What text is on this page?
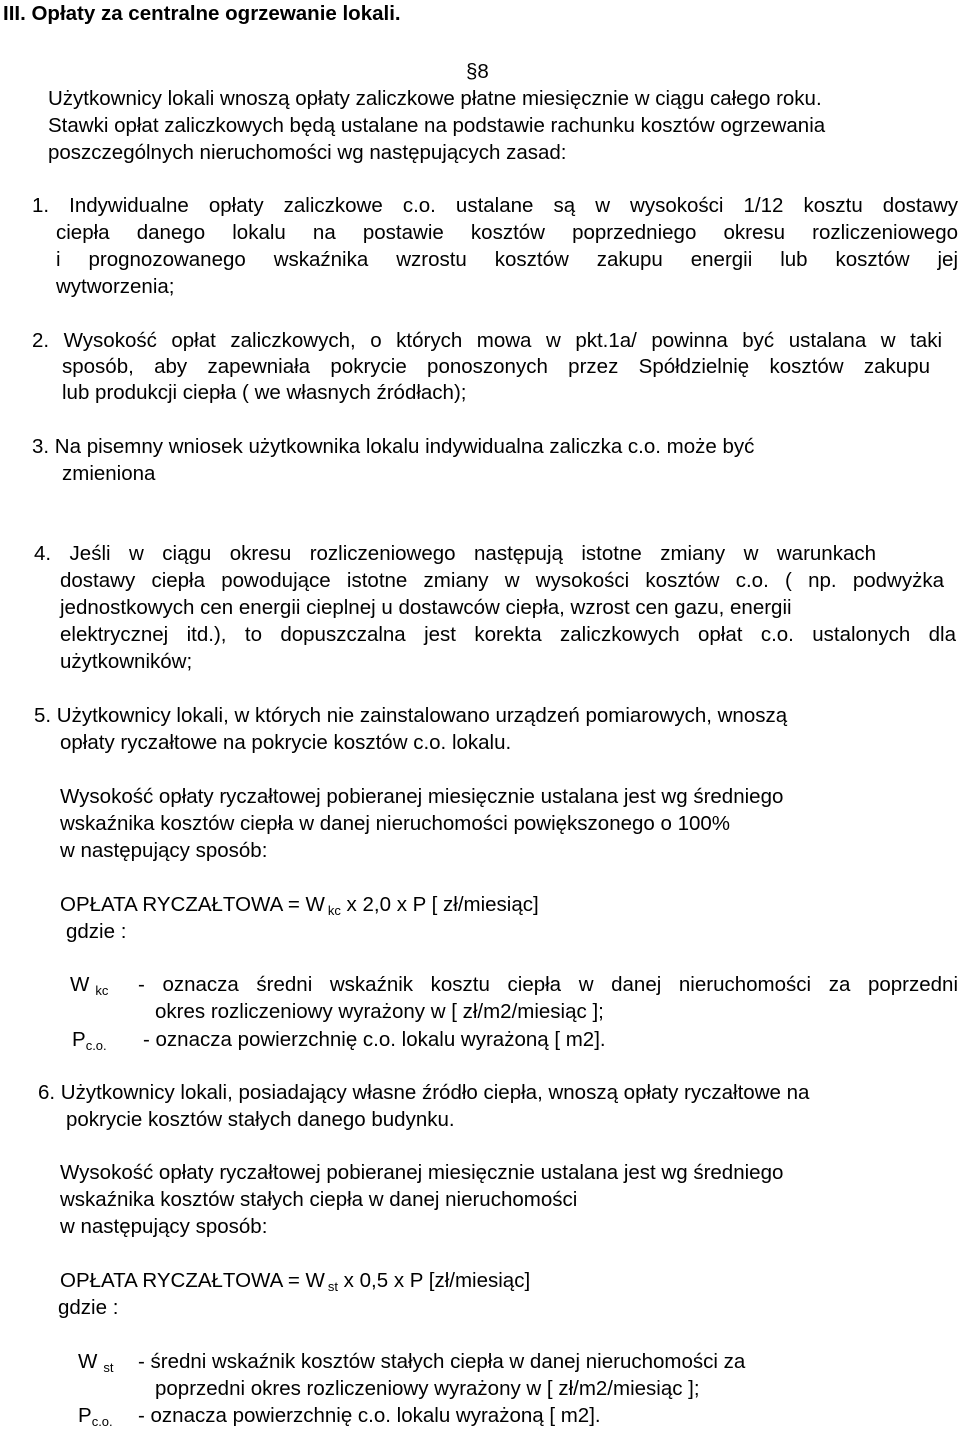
III. Opłaty za centralne ogrzewanie lokali.
§8
Użytkownicy lokali wnoszą opłaty zaliczkowe płatne miesięcznie w ciągu całego roku.
Stawki opłat zaliczkowych będą ustalane na podstawie rachunku kosztów ogrzewania
poszczególnych nieruchomości wg następujących zasad:
1. Indywidualne opłaty zaliczkowe c.o. ustalane są w wysokości 1/12 kosztu dostawy
ciepła danego lokalu na postawie kosztów poprzedniego okresu rozliczeniowego
i prognozowanego wskaźnika wzrostu kosztów zakupu energii lub kosztów jej
wytworzenia;
2. Wysokość opłat zaliczkowych, o których mowa w pkt.1a/ powinna być ustalana w taki
sposób, aby zapewniała pokrycie ponoszonych przez Spółdzielnię kosztów zakupu
lub produkcji ciepła ( we własnych źródłach);
3. Na pisemny wniosek użytkownika lokalu indywidualna zaliczka c.o. może być
zmieniona
4. Jeśli w ciągu okresu rozliczeniowego następują istotne zmiany w warunkach
dostawy ciepła powodujące istotne zmiany w wysokości kosztów c.o. ( np. podwyżka
jednostkowych cen energii cieplnej u dostawców ciepła, wzrost cen gazu, energii
elektrycznej itd.), to dopuszczalna jest korekta zaliczkowych opłat c.o. ustalonych dla
użytkowników;
5. Użytkownicy lokali, w których nie zainstalowano urządzeń pomiarowych, wnoszą
opłaty ryczałtowe na pokrycie kosztów c.o. lokalu.
Wysokość opłaty ryczałtowej pobieranej miesięcznie ustalana jest wg średniego
wskaźnika kosztów ciepła w danej nieruchomości powiększonego o 100%
w następujący sposób:
OPŁATA RYCZAŁTOWA = W $_{kc}$ x 2,0 x P [ zł/miesiąc]
gdzie :
W $_{kc}$ - oznacza średni wskaźnik kosztu ciepła w danej nieruchomości za poprzedni
okres rozliczeniowy wyrażony w [ zł/m2/miesiąc ];
$P_{c.o.}$ - oznacza powierzchnię c.o. lokalu wyrażoną [ m2].
6. Użytkownicy lokali, posiadający własne źródło ciepła, wnoszą opłaty ryczałtowe na
pokrycie kosztów stałych danego budynku.
Wysokość opłaty ryczałtowej pobieranej miesięcznie ustalana jest wg średniego
wskaźnika kosztów stałych ciepła w danej nieruchomości
w następujący sposób:
OPŁATA RYCZAŁTOWA = W $_{st}$ x 0,5 x P [zł/miesiąc]
gdzie :
W $_{st}$ - średni wskaźnik kosztów stałych ciepła w danej nieruchomości za
poprzedni okres rozliczeniowy wyrażony w [ zł/m2/miesiąc ];
$P_{c.o.}$ - oznacza powierzchnię c.o. lokalu wyrażoną [ m2].
